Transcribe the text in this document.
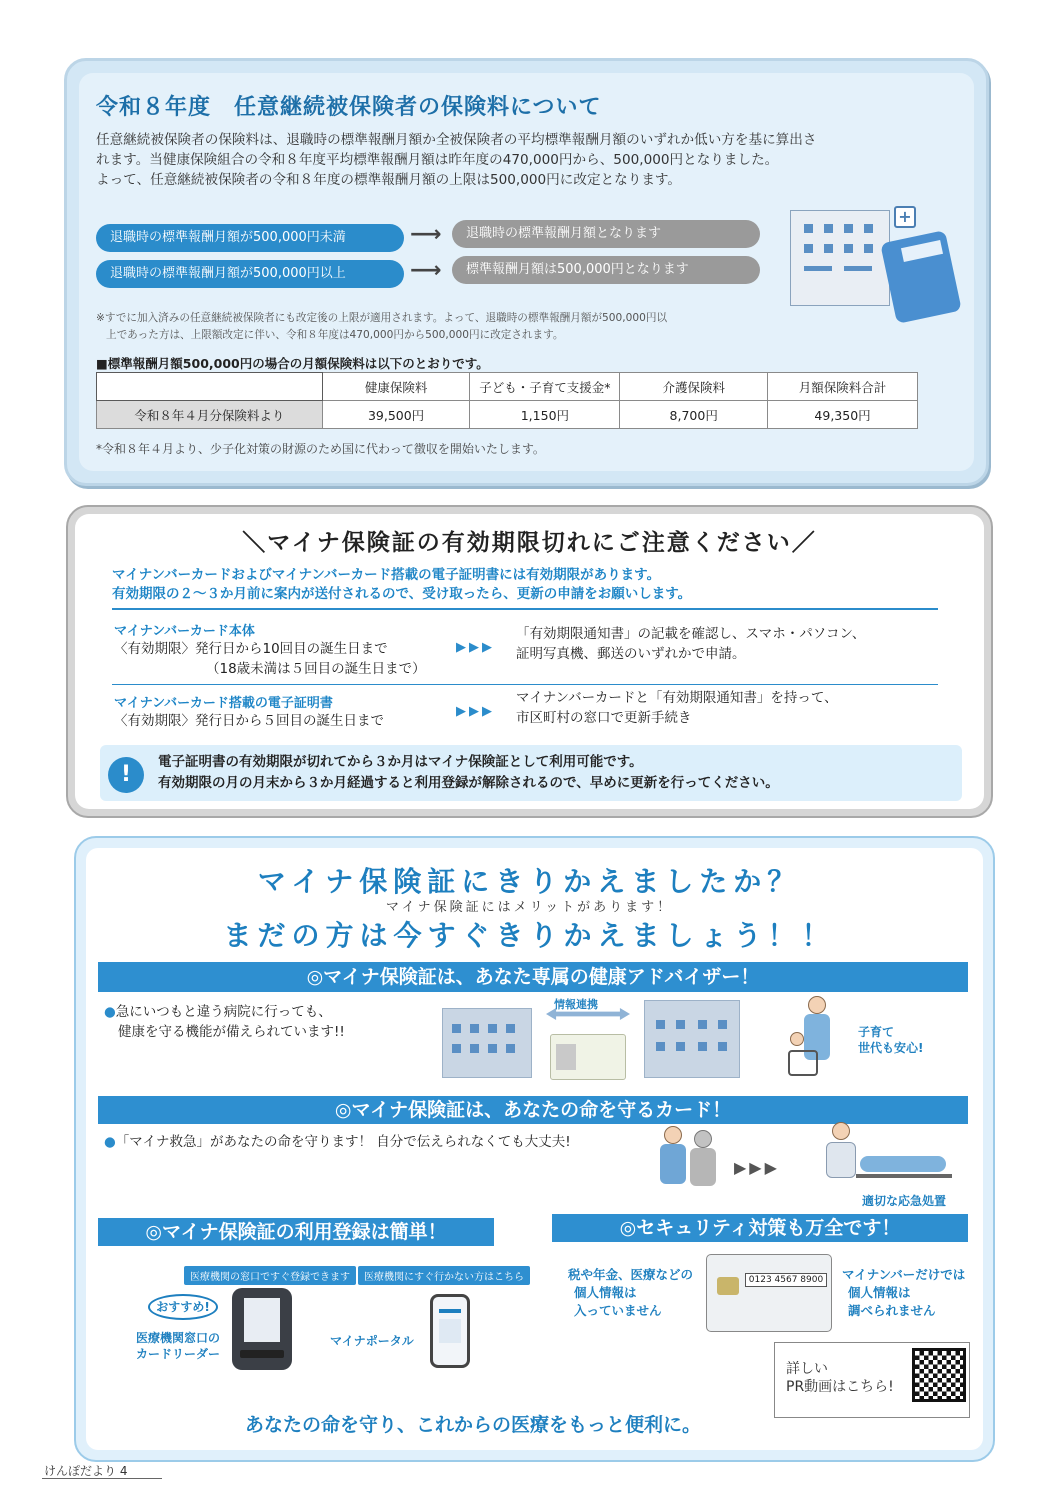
令和８年度　任意継続被保険者の保険料について
任意継続被保険者の保険料は、退職時の標準報酬月額か全被保険者の平均標準報酬月額のいずれか低い方を基に算出さ
れます。当健康保険組合の令和８年度平均標準報酬月額は昨年度の470,000円から、500,000円となりました。
よって、任意継続被保険者の令和８年度の標準報酬月額の上限は500,000円に改定となります。
退職時の標準報酬月額が500,000円未満	⟶	退職時の標準報酬月額となります
退職時の標準報酬月額が500,000円以上	⟶	標準報酬月額は500,000円となります
+
※すでに加入済みの任意継続被保険者にも改定後の上限が適用されます。よって、退職時の標準報酬月額が500,000円以
上であった方は、上限額改定に伴い、令和８年度は470,000円から500,000円に改定されます。
■標準報酬月額500,000円の場合の月額保険料は以下のとおりです。
	健康保険料	子ども・子育て支援金*	介護保険料	月額保険料合計
令和８年４月分保険料より	39,500円	1,150円	8,700円	49,350円
*令和８年４月より、少子化対策の財源のため国に代わって徴収を開始いたします。
＼マイナ保険証の有効期限切れにご注意ください／
マイナンバーカードおよびマイナンバーカード搭載の電子証明書には有効期限があります。
有効期限の２～３か月前に案内が送付されるので、受け取ったら、更新の申請をお願いします。
マイナンバーカード本体
〈有効期限〉発行日から10回目の誕生日まで
（18歳未満は５回目の誕生日まで）
▶▶▶
「有効期限通知書」の記載を確認し、スマホ・パソコン、
証明写真機、郵送のいずれかで申請。
マイナンバーカード搭載の電子証明書
〈有効期限〉発行日から５回目の誕生日まで
▶▶▶
マイナンバーカードと「有効期限通知書」を持って、
市区町村の窓口で更新手続き
!	電子証明書の有効期限が切れてから３か月はマイナ保険証として利用可能です。
有効期限の月の月末から３か月経過すると利用登録が解除されるので、早めに更新を行ってください。
マイナ保険証にきりかえましたか？
マイナ保険証にはメリットがあります！
まだの方は今すぐきりかえましょう！！
◎マイナ保険証は、あなた専属の健康アドバイザー！
●急にいつもと違う病院に行っても、
健康を守る機能が備えられています!!
情報連携
子育て
世代も安心!
◎マイナ保険証は、あなたの命を守るカード！
●「マイナ救急」があなたの命を守ります！ 自分で伝えられなくても大丈夫!
▶▶▶
適切な応急処置
◎マイナ保険証の利用登録は簡単！	◎セキュリティ対策も万全です！
医療機関の窓口ですぐ登録できます	医療機関にすぐ行かない方はこちら
おすすめ!
医療機関窓口の
カードリーダー
マイナポータル
税や年金、医療などの
個人情報は
入っていません
0123 4567 8900	マイナンバーだけでは
個人情報は
調べられません
詳しい
PR動画はこちら!
あなたの命を守り、これからの医療をもっと便利に。
けんぽだより 4
